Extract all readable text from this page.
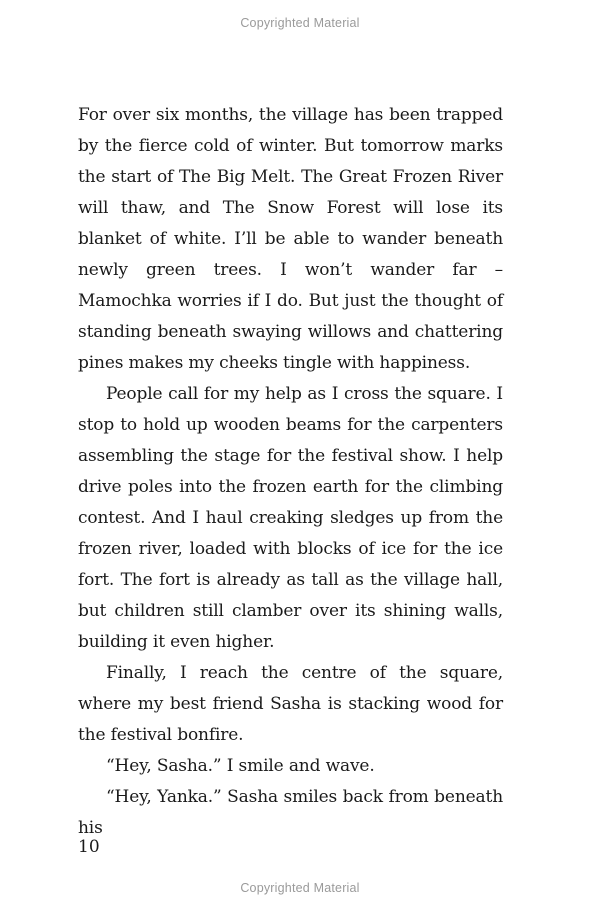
Copyrighted Material

For over six months, the village has been trapped by the fierce cold of winter. But tomorrow marks the start of The Big Melt. The Great Frozen River will thaw, and The Snow Forest will lose its blanket of white. I’ll be able to wander beneath newly green trees. I won’t wander far – Mamochka worries if I do. But just the thought of standing beneath swaying willows and chattering pines makes my cheeks tingle with happiness.

People call for my help as I cross the square. I stop to hold up wooden beams for the carpenters assembling the stage for the festival show. I help drive poles into the frozen earth for the climbing contest. And I haul creaking sledges up from the frozen river, loaded with blocks of ice for the ice fort. The fort is already as tall as the village hall, but children still clamber over its shining walls, building it even higher.

Finally, I reach the centre of the square, where my best friend Sasha is stacking wood for the festival bonfire.

“Hey, Sasha.” I smile and wave.

“Hey, Yanka.” Sasha smiles back from beneath his

10
Copyrighted Material
